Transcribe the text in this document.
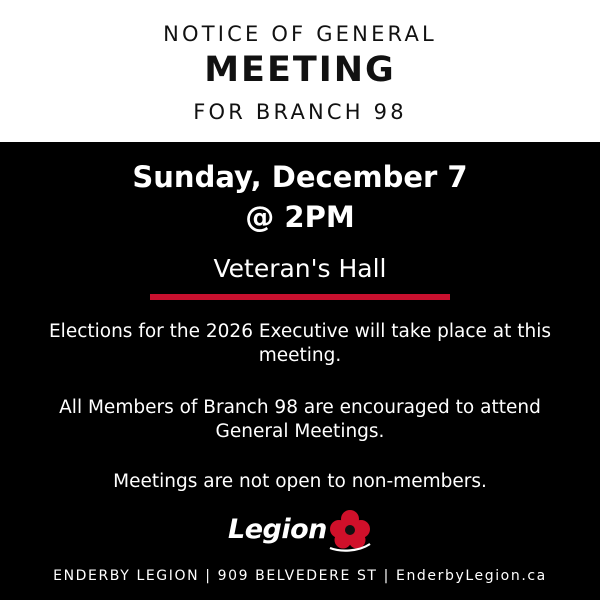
NOTICE OF GENERAL
MEETING
FOR BRANCH 98
Sunday, December 7
@ 2PM
Veteran's Hall
Elections for the 2026 Executive will take place at this meeting.
All Members of Branch 98 are encouraged to attend General Meetings.
Meetings are not open to non-members.
Legion
ENDERBY LEGION | 909 BELVEDERE ST | EnderbyLegion.ca
